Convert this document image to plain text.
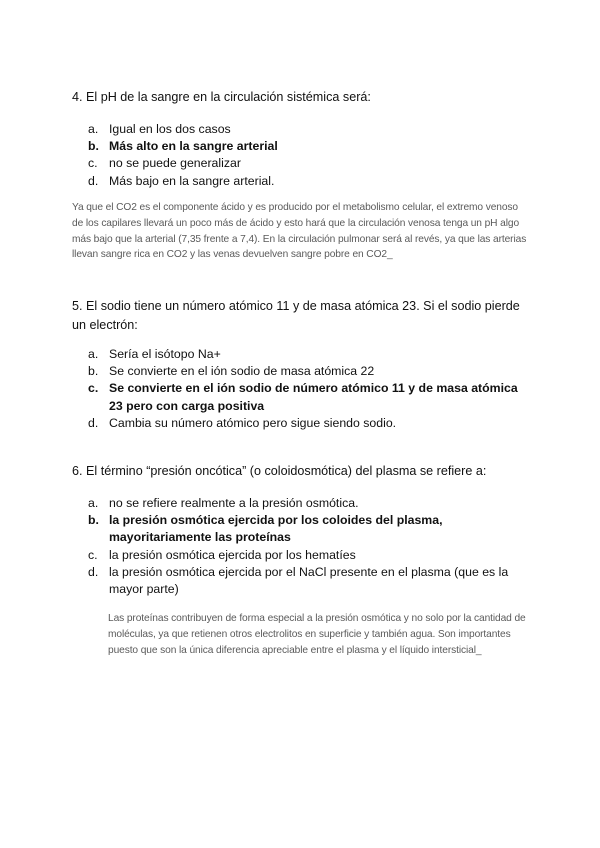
4. El pH de la sangre en la circulación sistémica será:
a. Igual en los dos casos
b. Más alto en la sangre arterial
c. no se puede generalizar
d. Más bajo en la sangre arterial.
Ya que el CO2 es el componente ácido y es producido por el metabolismo celular, el extremo venoso de los capilares llevará un poco más de ácido y esto hará que la circulación venosa tenga un pH algo más bajo que la arterial (7,35 frente a 7,4). En la circulación pulmonar será al revés, ya que las arterias llevan sangre rica en CO2 y las venas devuelven sangre pobre en CO2_
5. El sodio tiene un número atómico 11 y de masa atómica 23. Si el sodio pierde un electrón:
a. Sería el isótopo Na+
b. Se convierte en el ión sodio de masa atómica 22
c. Se convierte en el ión sodio de número atómico 11 y de masa atómica 23 pero con carga positiva
d. Cambia su número atómico pero sigue siendo sodio.
6. El término “presión oncótica” (o coloidosmótica) del plasma se refiere a:
a. no se refiere realmente a la presión osmótica.
b. la presión osmótica ejercida por los coloides del plasma, mayoritariamente las proteínas
c. la presión osmótica ejercida por los hematíes
d. la presión osmótica ejercida por el NaCl presente en el plasma (que es la mayor parte)
Las proteínas contribuyen de forma especial a la presión osmótica y no solo por la cantidad de moléculas, ya que retienen otros electrolitos en superficie y también agua. Son importantes puesto que son la única diferencia apreciable entre el plasma y el líquido intersticial_
